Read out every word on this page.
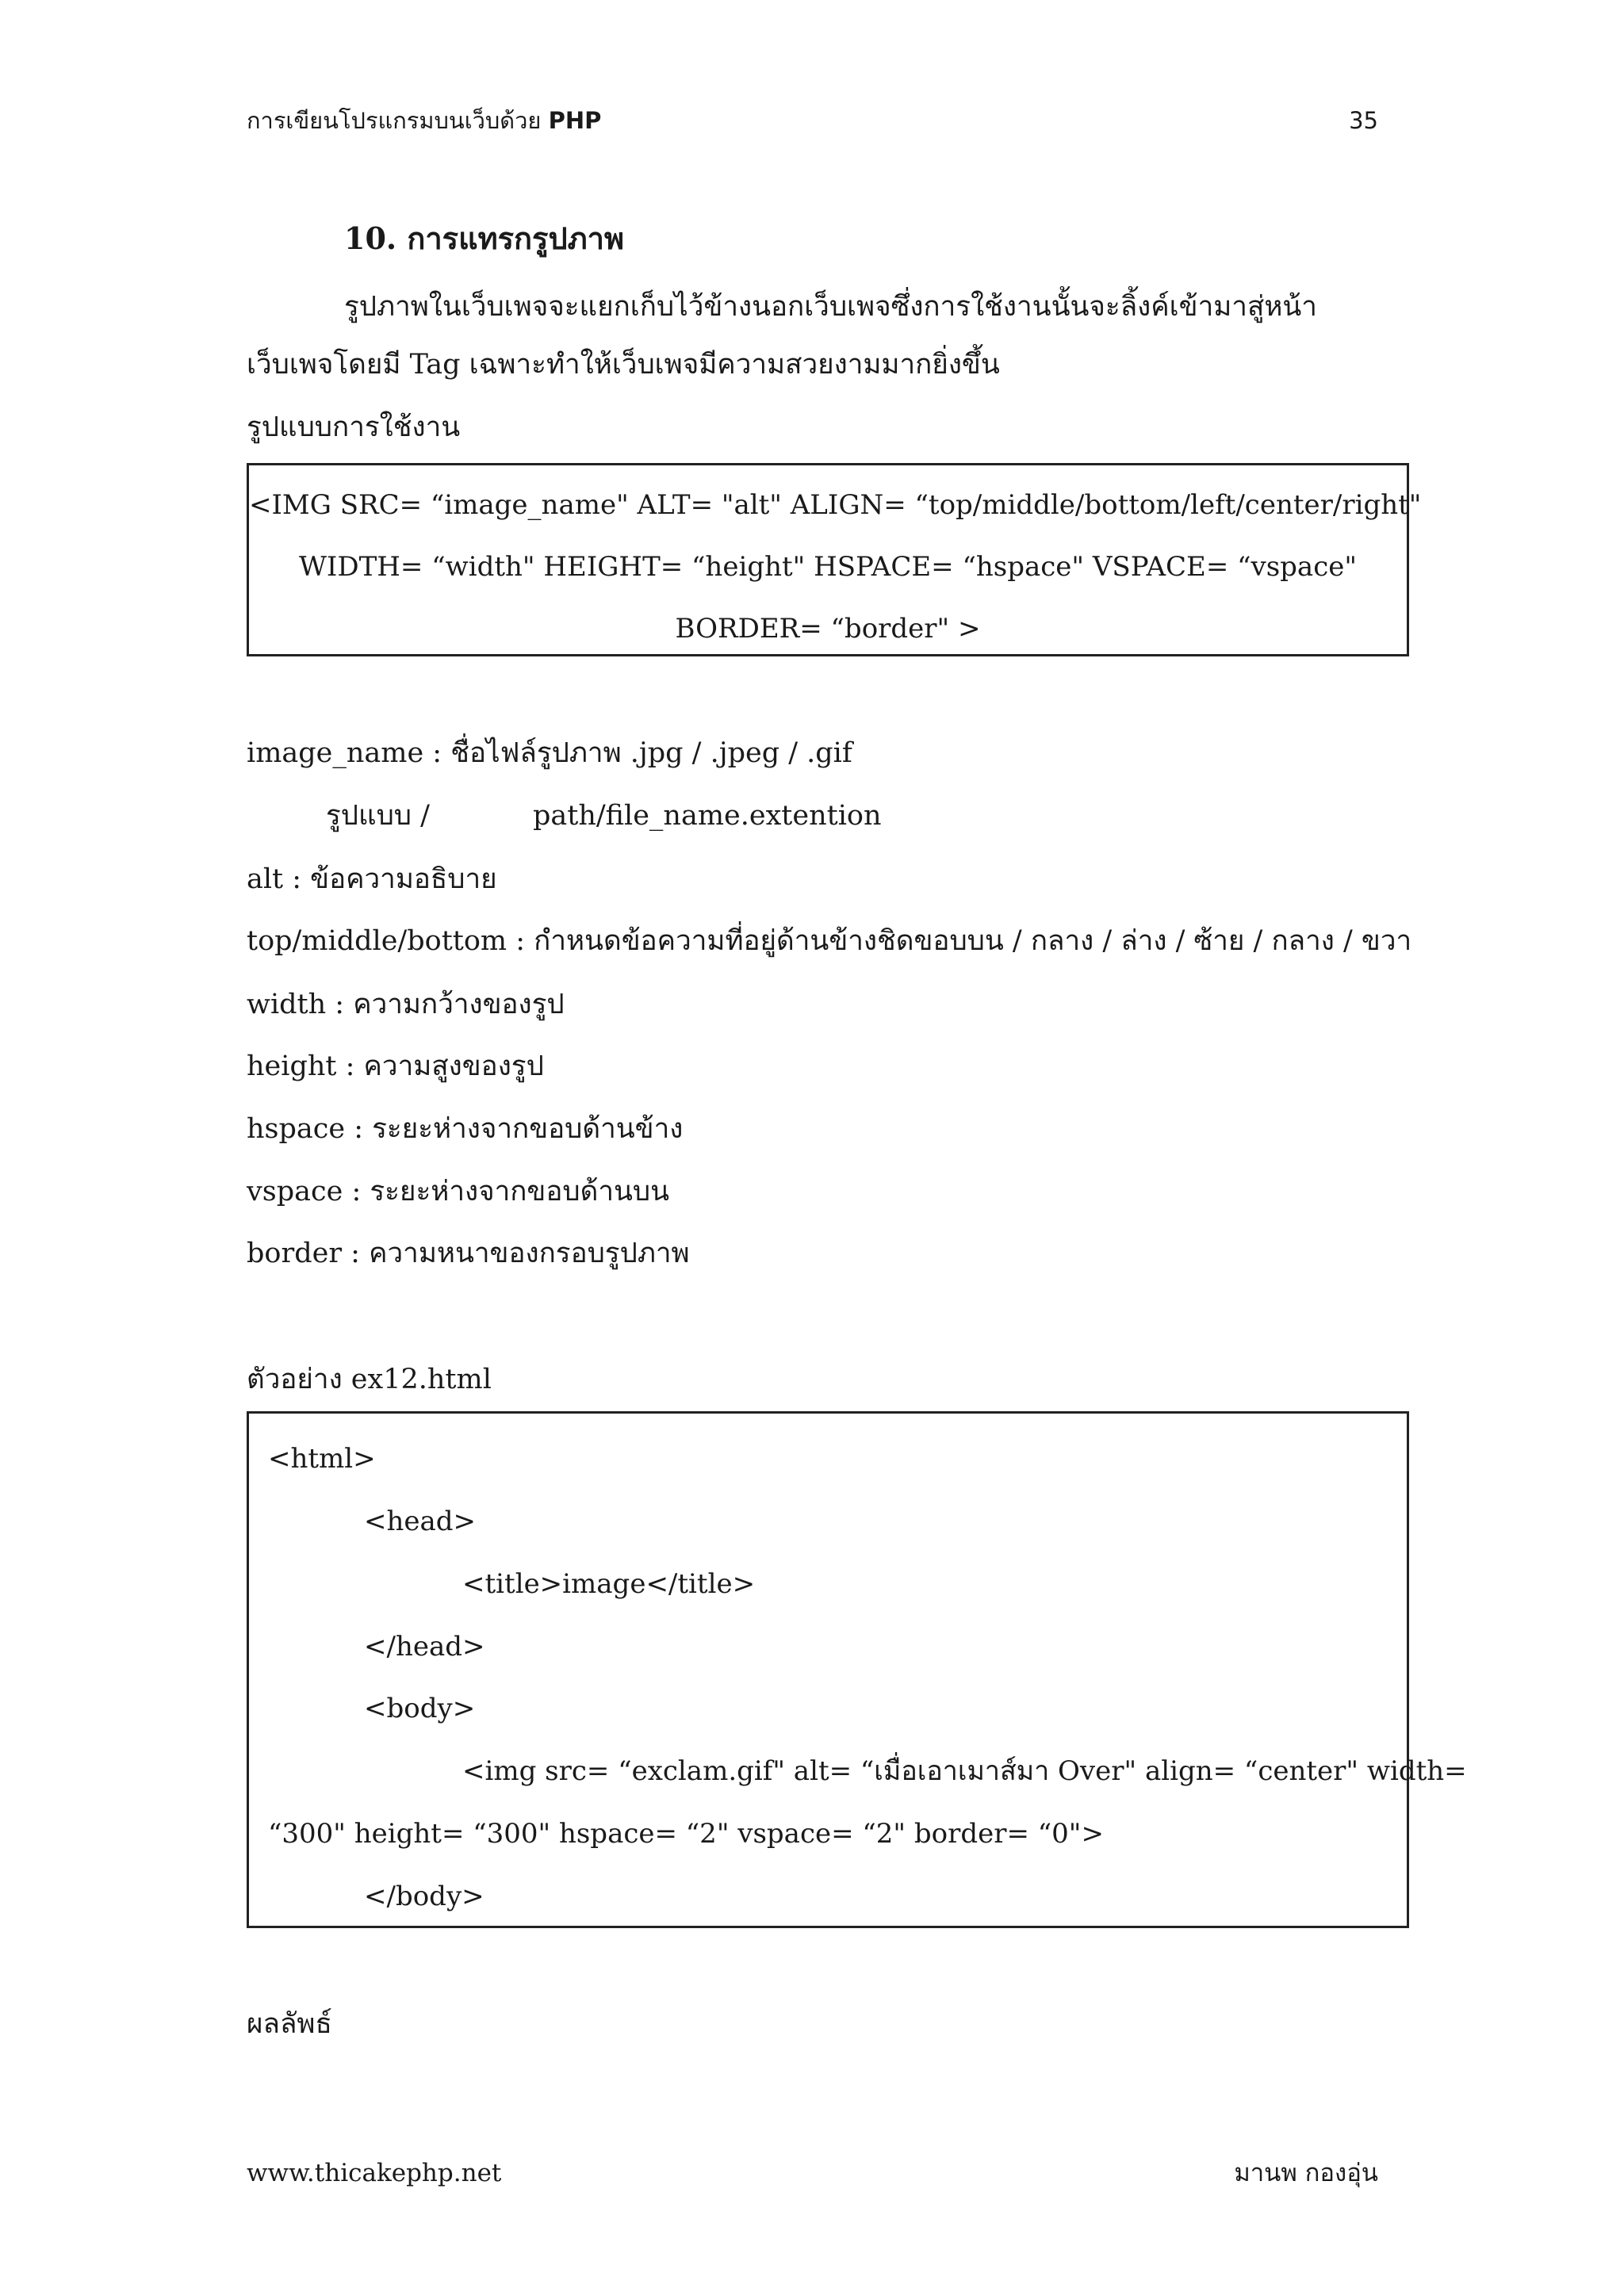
การเขียนโปรแกรมบนเว็บด้วย PHP	35
10. การแทรกรูปภาพ
รูปภาพในเว็บเพจจะแยกเก็บไว้ข้างนอกเว็บเพจซึ่งการใช้งานนั้นจะลิ้งค์เข้ามาสู่หน้า
เว็บเพจโดยมี Tag เฉพาะทำให้เว็บเพจมีความสวยงามมากยิ่งขึ้น
รูปแบบการใช้งาน
<IMG SRC= “image_name" ALT= "alt" ALIGN= “top/middle/bottom/left/center/right"
WIDTH= “width" HEIGHT= “height" HSPACE= “hspace" VSPACE= “vspace"
BORDER= “border" >
image_name : ชื่อไฟล์รูปภาพ .jpg / .jpeg / .gif
รูปแบบ /	path/file_name.extention
alt : ข้อความอธิบาย
top/middle/bottom : กำหนดข้อความที่อยู่ด้านข้างชิดขอบบน / กลาง / ล่าง / ซ้าย / กลาง / ขวา
width : ความกว้างของรูป
height : ความสูงของรูป
hspace : ระยะห่างจากขอบด้านข้าง
vspace : ระยะห่างจากขอบด้านบน
border : ความหนาของกรอบรูปภาพ
ตัวอย่าง ex12.html
<html>
<head>
<title>image</title>
</head>
<body>
<img src= “exclam.gif" alt= “เมื่อเอาเมาส์มา Over" align= “center" width=
“300" height= “300" hspace= “2" vspace= “2" border= “0">
</body>
ผลลัพธ์
www.thicakephp.net	มานพ กองอุ่น
